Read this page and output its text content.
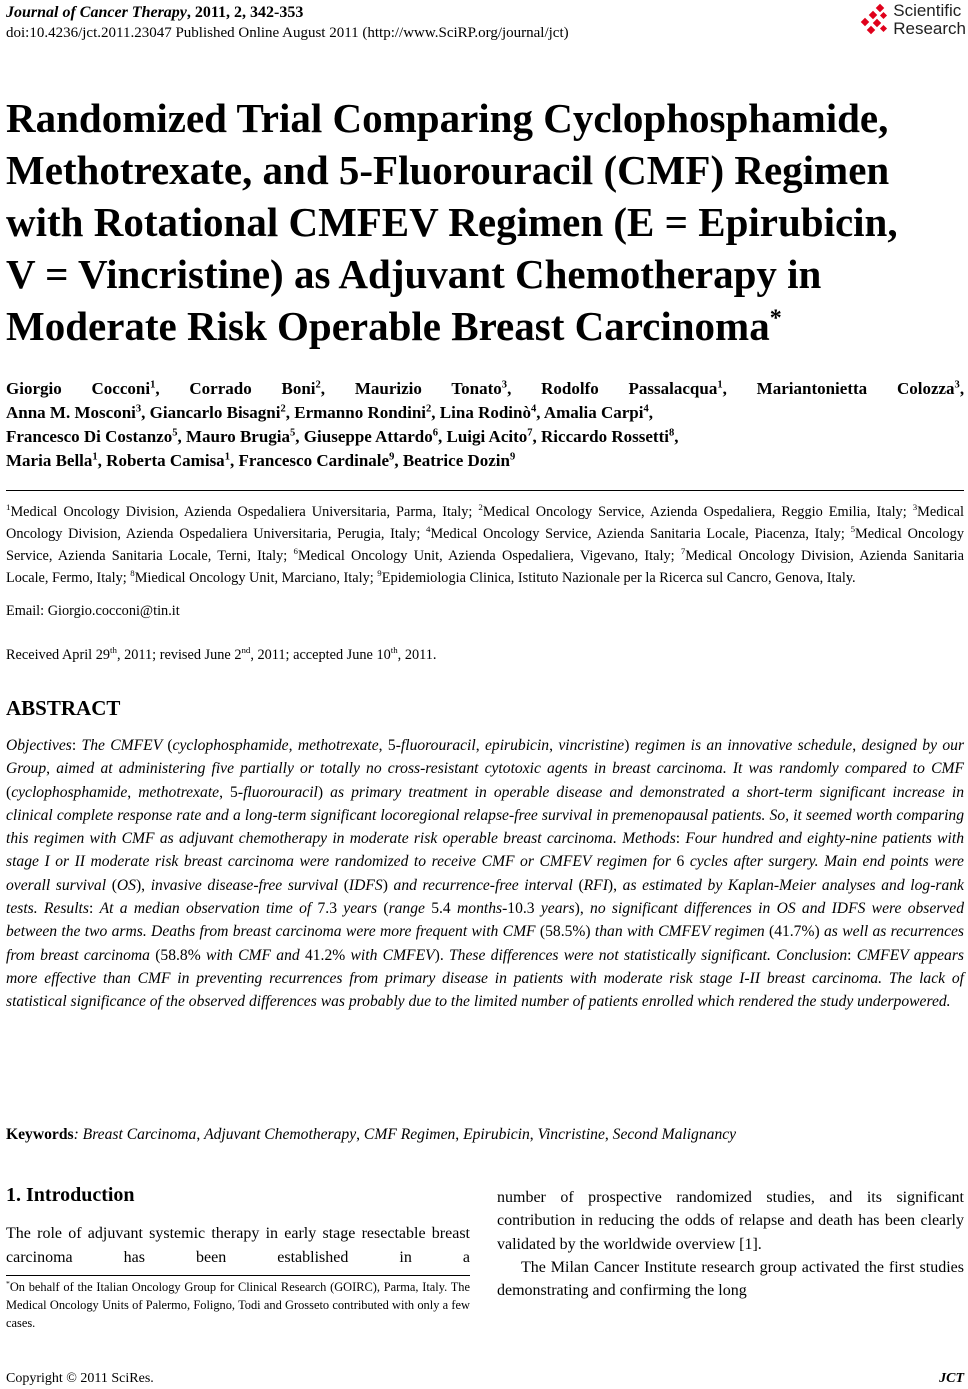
Journal of Cancer Therapy, 2011, 2, 342-353
doi:10.4236/jct.2011.23047 Published Online August 2011 (http://www.SciRP.org/journal/jct)
Scientific
Research
Randomized Trial Comparing Cyclophosphamide,
Methotrexate, and 5-Fluorouracil (CMF) Regimen
with Rotational CMFEV Regimen (E = Epirubicin,
V = Vincristine) as Adjuvant Chemotherapy in
Moderate Risk Operable Breast Carcinoma*
Giorgio Cocconi$^1$, Corrado Boni$^2$, Maurizio Tonato$^3$, Rodolfo Passalacqua$^1$, Mariantonietta Colozza$^3$,
Anna M. Mosconi$^3$, Giancarlo Bisagni$^2$, Ermanno Rondini$^2$, Lina Rodinò$^4$, Amalia Carpi$^4$,
Francesco Di Costanzo$^5$, Mauro Brugia$^5$, Giuseppe Attardo$^6$, Luigi Acito$^7$, Riccardo Rossetti$^8$,
Maria Bella$^1$, Roberta Camisa$^1$, Francesco Cardinale$^9$, Beatrice Dozin$^9$
$^1$Medical Oncology Division, Azienda Ospedaliera Universitaria, Parma, Italy; $^2$Medical Oncology Service, Azienda Ospedaliera, Reggio Emilia, Italy; $^3$Medical Oncology Division, Azienda Ospedaliera Universitaria, Perugia, Italy; $^4$Medical Oncology Service, Azienda Sanitaria Locale, Piacenza, Italy; $^5$Medical Oncology Service, Azienda Sanitaria Locale, Terni, Italy; $^6$Medical Oncology Unit, Azienda Ospedaliera, Vigevano, Italy; $^7$Medical Oncology Division, Azienda Sanitaria Locale, Fermo, Italy; $^8$Miedical Oncology Unit, Marciano, Italy; $^9$Epidemiologia Clinica, Istituto Nazionale per la Ricerca sul Cancro, Genova, Italy.
Email: Giorgio.cocconi@tin.it
Received April 29th, 2011; revised June 2nd, 2011; accepted June 10th, 2011.
ABSTRACT
Objectives: The CMFEV (cyclophosphamide, methotrexate, 5-fluorouracil, epirubicin, vincristine) regimen is an innovative schedule, designed by our Group, aimed at administering five partially or totally no cross-resistant cytotoxic agents in breast carcinoma. It was randomly compared to CMF (cyclophosphamide, methotrexate, 5-fluorouracil) as primary treatment in operable disease and demonstrated a short-term significant increase in clinical complete response rate and a long-term significant locoregional relapse-free survival in premenopausal patients. So, it seemed worth comparing this regimen with CMF as adjuvant chemotherapy in moderate risk operable breast carcinoma. Methods: Four hundred and eighty-nine patients with stage I or II moderate risk breast carcinoma were randomized to receive CMF or CMFEV regimen for 6 cycles after surgery. Main end points were overall survival (OS), invasive disease-free survival (IDFS) and recurrence-free interval (RFI), as estimated by Kaplan-Meier analyses and log-rank tests. Results: At a median observation time of 7.3 years (range 5.4 months-10.3 years), no significant differences in OS and IDFS were observed between the two arms. Deaths from breast carcinoma were more frequent with CMF (58.5%) than with CMFEV regimen (41.7%) as well as recurrences from breast carcinoma (58.8% with CMF and 41.2% with CMFEV). These differences were not statistically significant. Conclusion: CMFEV appears more effective than CMF in preventing recurrences from primary disease in patients with moderate risk stage I-II breast carcinoma. The lack of statistical significance of the observed differences was probably due to the limited number of patients enrolled which rendered the study underpowered.
Keywords: Breast Carcinoma, Adjuvant Chemotherapy, CMF Regimen, Epirubicin, Vincristine, Second Malignancy
1. Introduction
The role of adjuvant systemic therapy in early stage resectable breast carcinoma has been established in a
*On behalf of the Italian Oncology Group for Clinical Research (GOIRC), Parma, Italy. The Medical Oncology Units of Palermo, Foligno, Todi and Grosseto contributed with only a few cases.

number of prospective randomized studies, and its significant contribution in reducing the odds of relapse and death has been clearly validated by the worldwide overview [1].

The Milan Cancer Institute research group activated the first studies demonstrating and confirming the long

Copyright © 2011 SciRes.	JCT
